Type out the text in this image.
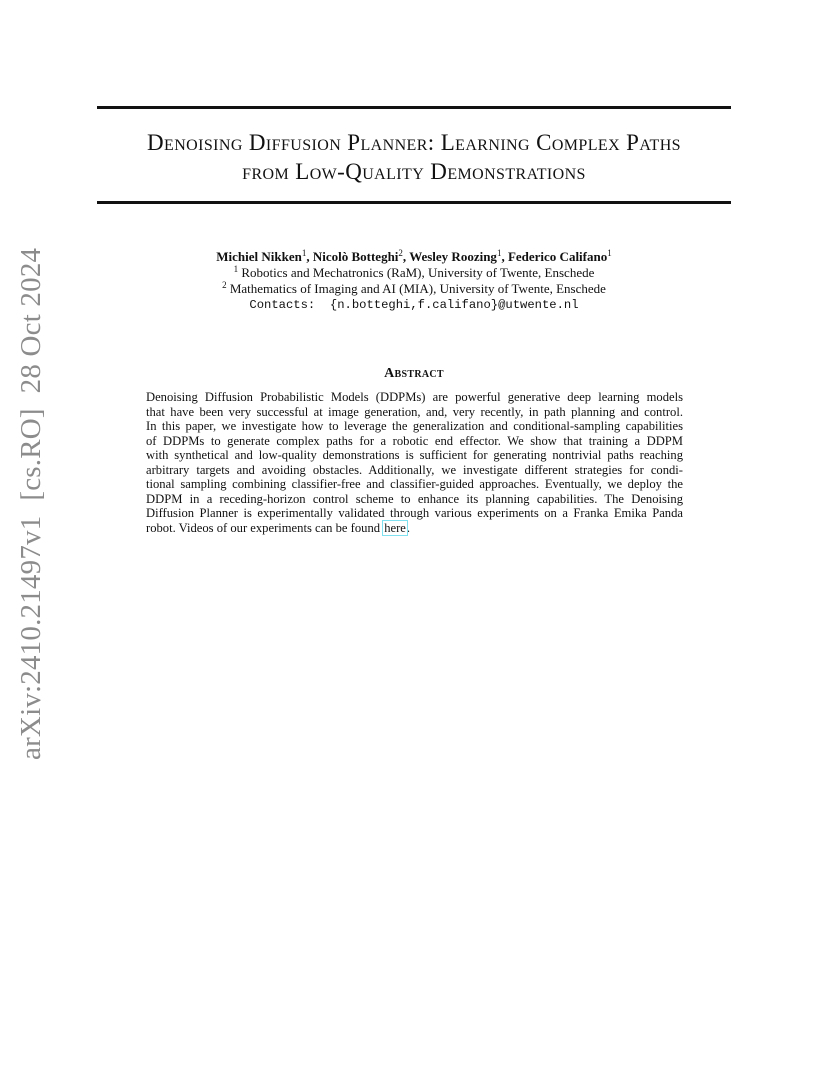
arXiv:2410.21497v1  [cs.RO]  28 Oct 2024
Denoising Diffusion Planner: Learning Complex Paths
from Low-Quality Demonstrations
Michiel Nikken$^1$, Nicolò Botteghi$^2$, Wesley Roozing$^1$, Federico Califano$^1$
$^1$ Robotics and Mechatronics (RaM), University of Twente, Enschede
$^2$ Mathematics of Imaging and AI (MIA), University of Twente, Enschede
Contacts: {n.botteghi,f.califano}@utwente.nl
Abstract
Denoising Diffusion Probabilistic Models (DDPMs) are powerful generative deep learning models
that have been very successful at image generation, and, very recently, in path planning and control.
In this paper, we investigate how to leverage the generalization and conditional-sampling capabilities
of DDPMs to generate complex paths for a robotic end effector. We show that training a DDPM
with synthetical and low-quality demonstrations is sufficient for generating nontrivial paths reaching
arbitrary targets and avoiding obstacles. Additionally, we investigate different strategies for condi-
tional sampling combining classifier-free and classifier-guided approaches. Eventually, we deploy the
DDPM in a receding-horizon control scheme to enhance its planning capabilities. The Denoising
Diffusion Planner is experimentally validated through various experiments on a Franka Emika Panda
robot. Videos of our experiments can be found here.
